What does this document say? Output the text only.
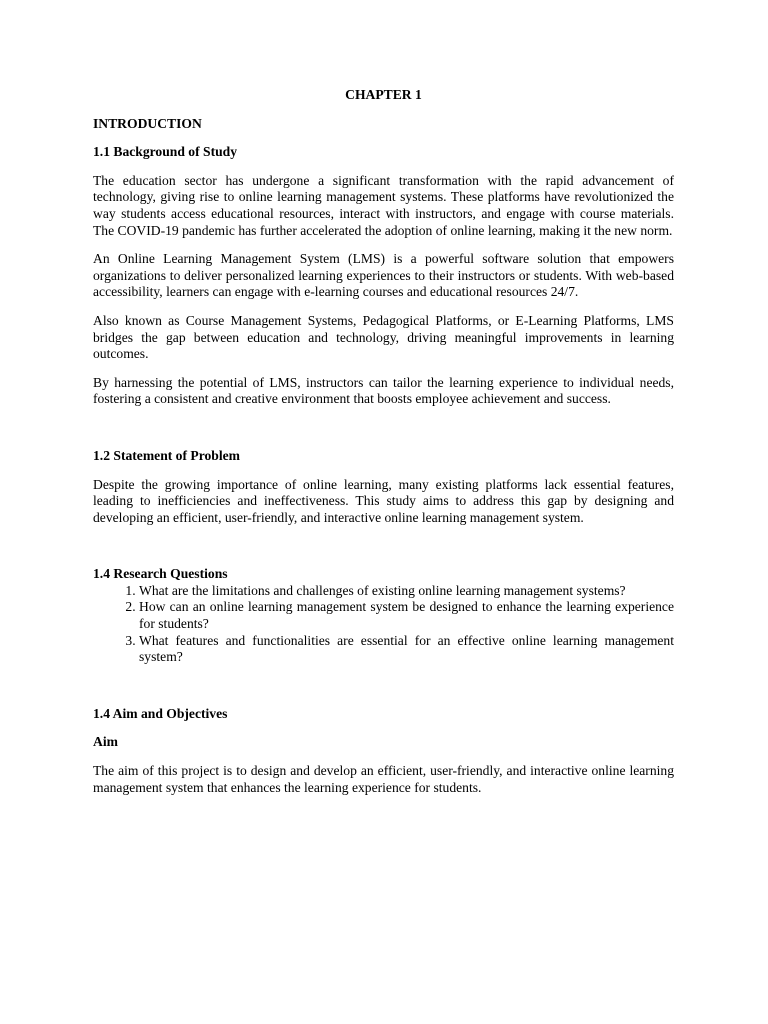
CHAPTER 1

INTRODUCTION

1.1 Background of Study

The education sector has undergone a significant transformation with the rapid advancement of technology, giving rise to online learning management systems. These platforms have revolutionized the way students access educational resources, interact with instructors, and engage with course materials. The COVID-19 pandemic has further accelerated the adoption of online learning, making it the new norm.

An Online Learning Management System (LMS) is a powerful software solution that empowers organizations to deliver personalized learning experiences to their instructors or students. With web-based accessibility, learners can engage with e-learning courses and educational resources 24/7.

Also known as Course Management Systems, Pedagogical Platforms, or E-Learning Platforms, LMS bridges the gap between education and technology, driving meaningful improvements in learning outcomes.

By harnessing the potential of LMS, instructors can tailor the learning experience to individual needs, fostering a consistent and creative environment that boosts employee achievement and success.

1.2 Statement of Problem

Despite the growing importance of online learning, many existing platforms lack essential features, leading to inefficiencies and ineffectiveness. This study aims to address this gap by designing and developing an efficient, user-friendly, and interactive online learning management system.

1.4 Research Questions

1. What are the limitations and challenges of existing online learning management systems?
2. How can an online learning management system be designed to enhance the learning experience for students?
3. What features and functionalities are essential for an effective online learning management system?

1.4 Aim and Objectives

Aim

The aim of this project is to design and develop an efficient, user-friendly, and interactive online learning management system that enhances the learning experience for students.
